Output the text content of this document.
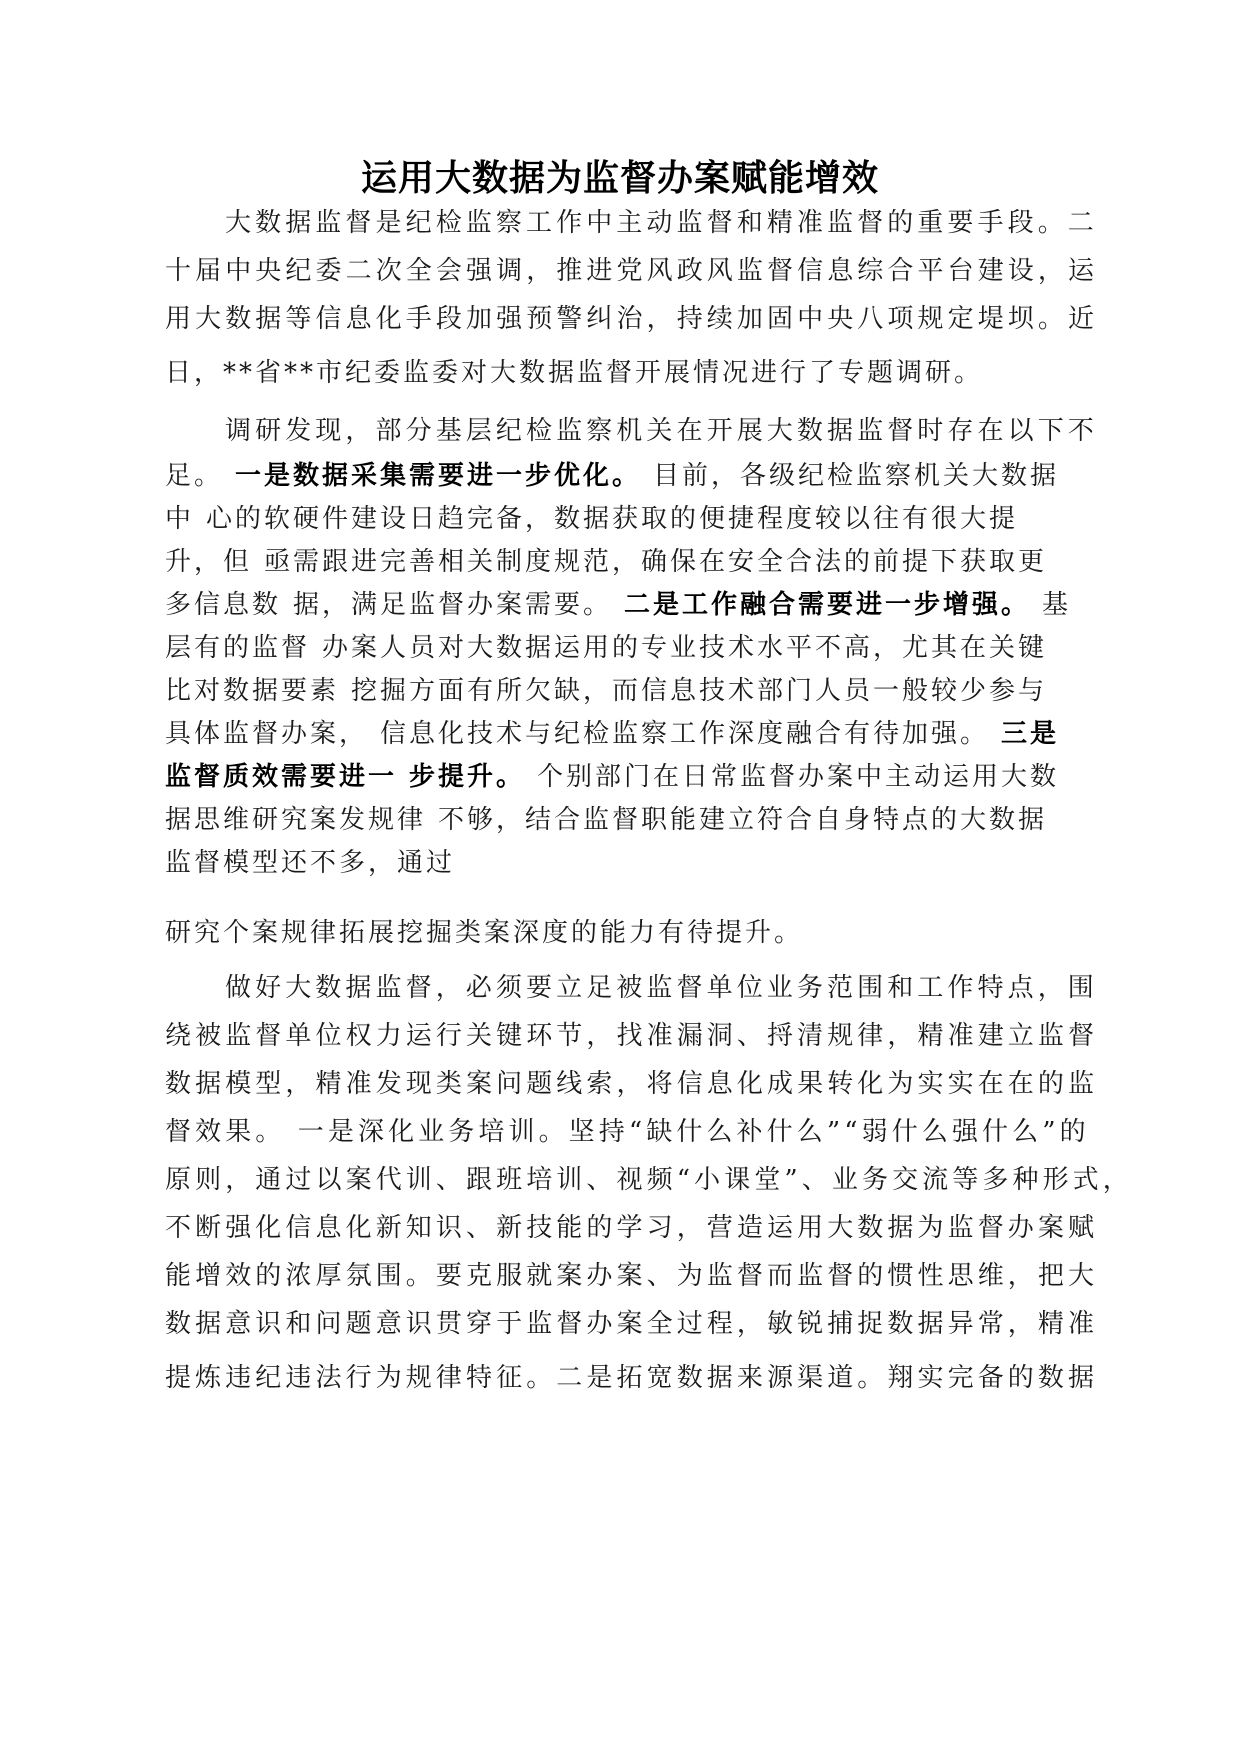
运用大数据为监督办案赋能增效

大数据监督是纪检监察工作中主动监督和精准监督的重要手段。二

十届中央纪委二次全会强调，推进党风政风监督信息综合平台建设，运

用大数据等信息化手段加强预警纠治，持续加固中央八项规定堤坝。近

日，**省**市纪委监委对大数据监督开展情况进行了专题调研。

调研发现，部分基层纪检监察机关在开展大数据监督时存在以下不

足。 一是数据采集需要进一步优化。 目前，各级纪检监察机关大数据

中 心的软硬件建设日趋完备，数据获取的便捷程度较以往有很大提

升，但 亟需跟进完善相关制度规范，确保在安全合法的前提下获取更

多信息数 据，满足监督办案需要。 二是工作融合需要进一步增强。 基

层有的监督 办案人员对大数据运用的专业技术水平不高，尤其在关键

比对数据要素 挖掘方面有所欠缺，而信息技术部门人员一般较少参与

具体监督办案， 信息化技术与纪检监察工作深度融合有待加强。 三是

监督质效需要进一 步提升。 个别部门在日常监督办案中主动运用大数

据思维研究案发规律 不够，结合监督职能建立符合自身特点的大数据

监督模型还不多，通过

研究个案规律拓展挖掘类案深度的能力有待提升。

做好大数据监督，必须要立足被监督单位业务范围和工作特点，围

绕被监督单位权力运行关键环节，找准漏洞、捋清规律，精准建立监督

数据模型，精准发现类案问题线索，将信息化成果转化为实实在在的监

督效果。 一是深化业务培训。坚持“缺什么补什么”“弱什么强什么”的

原则，通过以案代训、跟班培训、视频“小课堂”、业务交流等多种形式，

不断强化信息化新知识、新技能的学习，营造运用大数据为监督办案赋

能增效的浓厚氛围。要克服就案办案、为监督而监督的惯性思维，把大

数据意识和问题意识贯穿于监督办案全过程，敏锐捕捉数据异常，精准

提炼违纪违法行为规律特征。二是拓宽数据来源渠道。翔实完备的数据
